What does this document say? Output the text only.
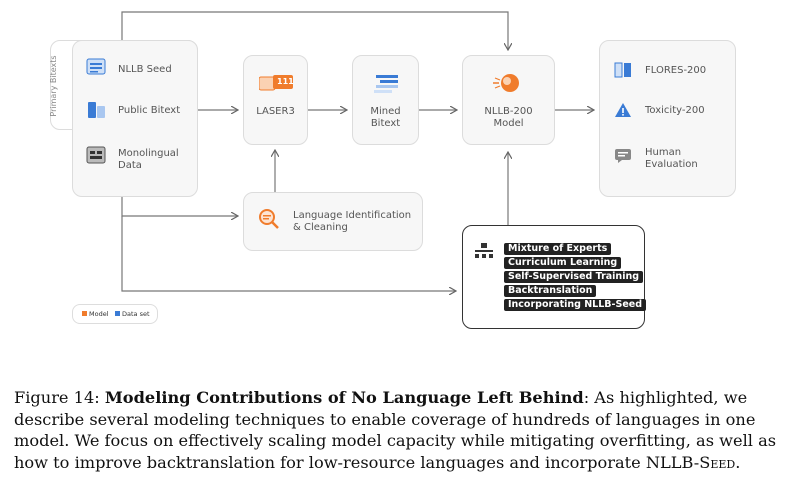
Primary Bitexts	NLLB Seed
Public Bitext
Monolingual
Data
111
LASER3	Mined
Bitext
NLLB-200
Model
FLORES-200
Toxicity-200
Human
Evaluation
Language Identification
& Cleaning
Mixture of Experts
Curriculum Learning
Self-Supervised Training
Backtranslation
Incorporating NLLB-Seed
Model Data set
Figure 14: Modeling Contributions of No Language Left Behind: As highlighted, we describe several modeling techniques to enable coverage of hundreds of languages in one model. We focus on effectively scaling model capacity while mitigating overfitting, as well as how to improve backtranslation for low-resource languages and incorporate NLLB-Seed.
